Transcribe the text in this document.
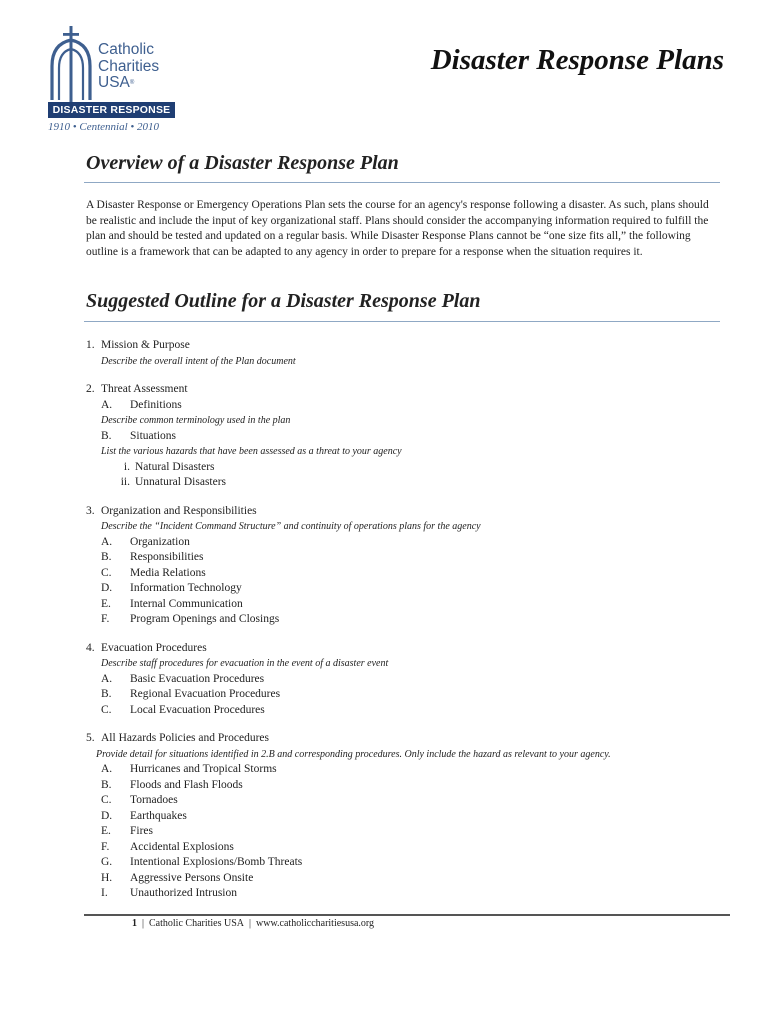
Catholic
Charities
USA®
DISASTER RESPONSE
1910 • Centennial • 2010
Disaster Response Plans
Overview of a Disaster Response Plan

A Disaster Response or Emergency Operations Plan sets the course for an agency's response following a disaster. As such, plans should be realistic and include the input of key organizational staff. Plans should consider the accompanying information required to fulfill the plan and should be tested and updated on a regular basis. While Disaster Response Plans cannot be “one size fits all,” the following outline is a framework that can be adapted to any agency in order to prepare for a response when the situation requires it.

Suggested Outline for a Disaster Response Plan
1. Mission & Purpose
Describe the overall intent of the Plan document
2. Threat Assessment
A.	Definitions
Describe common terminology used in the plan
B.	Situations
List the various hazards that have been assessed as a threat to your agency
i. Natural Disasters
ii. Unnatural Disasters
3. Organization and Responsibilities
Describe the “Incident Command Structure” and continuity of operations plans for the agency
A.	Organization
B.	Responsibilities
C.	Media Relations
D.	Information Technology
E.	Internal Communication
F.	Program Openings and Closings
4. Evacuation Procedures
Describe staff procedures for evacuation in the event of a disaster event
A.	Basic Evacuation Procedures
B.	Regional Evacuation Procedures
C.	Local Evacuation Procedures
5. All Hazards Policies and Procedures
Provide detail for situations identified in 2.B and corresponding procedures. Only include the hazard as relevant to your agency.
A.	Hurricanes and Tropical Storms
B.	Floods and Flash Floods
C.	Tornadoes
D.	Earthquakes
E.	Fires
F.	Accidental Explosions
G.	Intentional Explosions/Bomb Threats
H.	Aggressive Persons Onsite
I.	Unauthorized Intrusion
1 | Catholic Charities USA | www.catholiccharitiesusa.org
